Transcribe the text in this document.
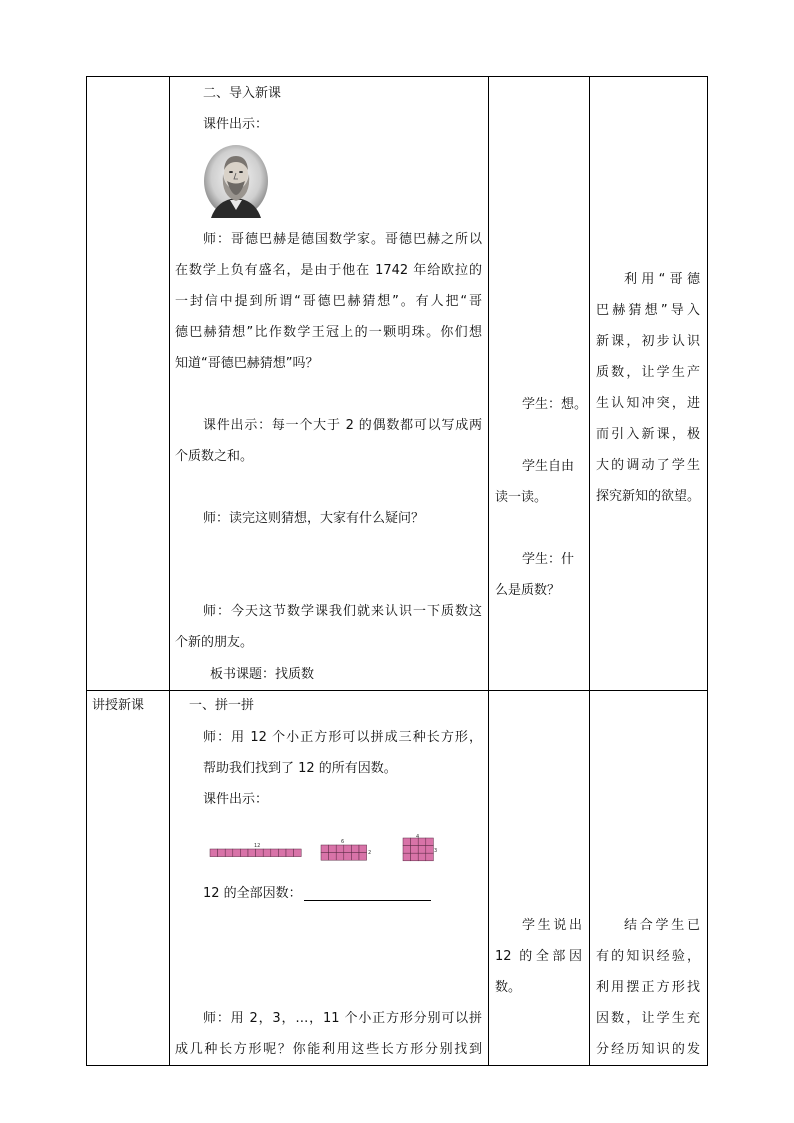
二、导入新课
课件出示：
师：哥德巴赫是德国数学家。哥德巴赫之所以
在数学上负有盛名，是由于他在 1742 年给欧拉的
一封信中提到所谓“哥德巴赫猜想”。有人把“哥
德巴赫猜想”比作数学王冠上的一颗明珠。你们想
知道“哥德巴赫猜想”吗？
课件出示：每一个大于 2 的偶数都可以写成两
个质数之和。
师：读完这则猜想，大家有什么疑问？
师：今天这节数学课我们就来认识一下质数这
个新的朋友。
板书课题：找质数
学生：想。
学生自由
读一读。
学生：什
么是质数？
利用“哥德
巴赫猜想”导入
新课，初步认识
质数，让学生产
生认知冲突，进
而引入新课，极
大的调动了学生
探究新知的欲望。
讲授新课	一、拼一拼
师：用 12 个小正方形可以拼成三种长方形，
帮助我们找到了 12 的所有因数。
课件出示：
12
6
2
4
3
12 的全部因数：
师：用 2，3，…，11 个小正方形分别可以拼
成几种长方形呢？你能利用这些长方形分别找到
学生说出
12 的全部因
数。
结合学生已
有的知识经验，
利用摆正方形找
因数，让学生充
分经历知识的发
